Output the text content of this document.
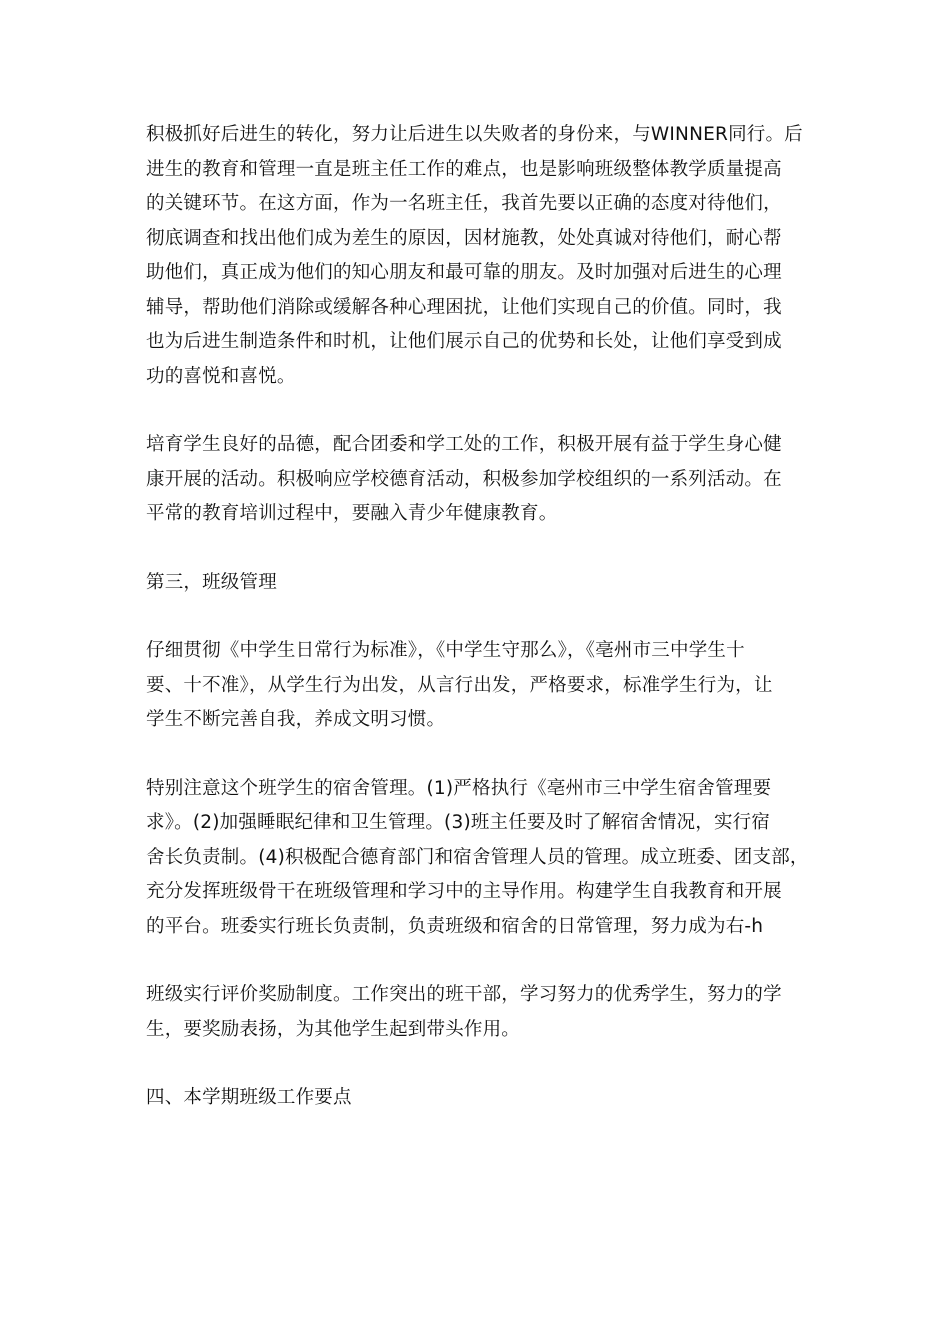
积极抓好后进生的转化，努力让后进生以失败者的身份来，与WINNER同行。后
进生的教育和管理一直是班主任工作的难点，也是影响班级整体教学质量提高
的关键环节。在这方面，作为一名班主任，我首先要以正确的态度对待他们，
彻底调查和找出他们成为差生的原因，因材施教，处处真诚对待他们，耐心帮
助他们，真正成为他们的知心朋友和最可靠的朋友。及时加强对后进生的心理
辅导，帮助他们消除或缓解各种心理困扰，让他们实现自己的价值。同时，我
也为后进生制造条件和时机，让他们展示自己的优势和长处，让他们享受到成
功的喜悦和喜悦。

培育学生良好的品德，配合团委和学工处的工作，积极开展有益于学生身心健
康开展的活动。积极响应学校德育活动，积极参加学校组织的一系列活动。在
平常的教育培训过程中，要融入青少年健康教育。

第三，班级管理

仔细贯彻《中学生日常行为标准》，《中学生守那么》，《亳州市三中学生十
要、十不准》，从学生行为出发，从言行出发，严格要求，标准学生行为，让
学生不断完善自我，养成文明习惯。

特别注意这个班学生的宿舍管理。(1)严格执行《亳州市三中学生宿舍管理要
求》。(2)加强睡眠纪律和卫生管理。(3)班主任要及时了解宿舍情况，实行宿
舍长负责制。(4)积极配合德育部门和宿舍管理人员的管理。成立班委、团支部，
充分发挥班级骨干在班级管理和学习中的主导作用。构建学生自我教育和开展
的平台。班委实行班长负责制，负责班级和宿舍的日常管理，努力成为右-h

班级实行评价奖励制度。工作突出的班干部，学习努力的优秀学生，努力的学
生，要奖励表扬，为其他学生起到带头作用。

四、本学期班级工作要点
